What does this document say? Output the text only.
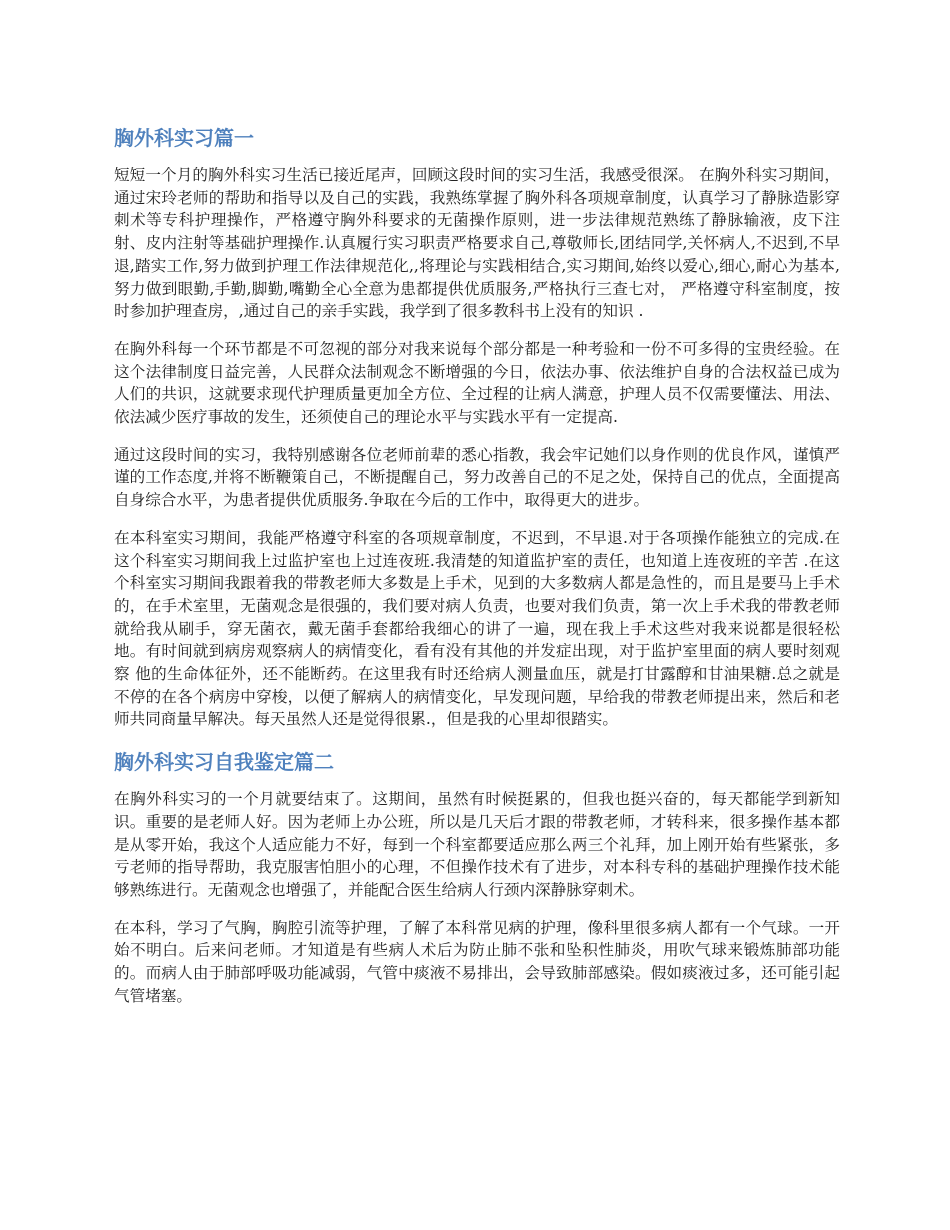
胸外科实习篇一

短短一个月的胸外科实习生活已接近尾声，回顾这段时间的实习生活，我感受很深。 在胸外科实习期间，通过宋玲老师的帮助和指导以及自己的实践，我熟练掌握了胸外科各项规章制度，认真学习了静脉造影穿刺术等专科护理操作，严格遵守胸外科要求的无菌操作原则，进一步法律规范熟练了静脉输液，皮下注射、皮内注射等基础护理操作.认真履行实习职责严格要求自己,尊敬师长,团结同学,关怀病人,不迟到,不早退,踏实工作,努力做到护理工作法律规范化,,将理论与实践相结合,实习期间,始终以爱心,细心,耐心为基本,努力做到眼勤,手勤,脚勤,嘴勤全心全意为患都提供优质服务,严格执行三查七对， 严格遵守科室制度，按时参加护理查房，,通过自己的亲手实践，我学到了很多教科书上没有的知识 .

在胸外科每一个环节都是不可忽视的部分对我来说每个部分都是一种考验和一份不可多得的宝贵经验。在这个法律制度日益完善，人民群众法制观念不断增强的今日，依法办事、依法维护自身的合法权益已成为人们的共识，这就要求现代护理质量更加全方位、全过程的让病人满意，护理人员不仅需要懂法、用法、依法减少医疗事故的发生，还须使自己的理论水平与实践水平有一定提高.

通过这段时间的实习，我特别感谢各位老师前辈的悉心指教，我会牢记她们以身作则的优良作风，谨慎严谨的工作态度,并将不断鞭策自己，不断提醒自己，努力改善自己的不足之处，保持自己的优点，全面提高自身综合水平，为患者提供优质服务.争取在今后的工作中，取得更大的进步。

在本科室实习期间，我能严格遵守科室的各项规章制度，不迟到，不早退.对于各项操作能独立的完成.在这个科室实习期间我上过监护室也上过连夜班.我清楚的知道监护室的责任，也知道上连夜班的辛苦 .在这个科室实习期间我跟着我的带教老师大多数是上手术，见到的大多数病人都是急性的，而且是要马上手术的，在手术室里，无菌观念是很强的，我们要对病人负责，也要对我们负责，第一次上手术我的带教老师就给我从刷手，穿无菌衣，戴无菌手套都给我细心的讲了一遍，现在我上手术这些对我来说都是很轻松地。有时间就到病房观察病人的病情变化，看有没有其他的并发症出现，对于监护室里面的病人要时刻观察 他的生命体征外，还不能断药。在这里我有时还给病人测量血压，就是打甘露醇和甘油果糖.总之就是不停的在各个病房中穿梭，以便了解病人的病情变化，早发现问题，早给我的带教老师提出来，然后和老师共同商量早解决。每天虽然人还是觉得很累.，但是我的心里却很踏实。

胸外科实习自我鉴定篇二

在胸外科实习的一个月就要结束了。这期间，虽然有时候挺累的，但我也挺兴奋的，每天都能学到新知识。重要的是老师人好。因为老师上办公班，所以是几天后才跟的带教老师，才转科来，很多操作基本都是从零开始，我这个人适应能力不好，每到一个科室都要适应那么两三个礼拜，加上刚开始有些紧张，多亏老师的指导帮助，我克服害怕胆小的心理，不但操作技术有了进步，对本科专科的基础护理操作技术能够熟练进行。无菌观念也增强了，并能配合医生给病人行颈内深静脉穿刺术。

在本科，学习了气胸，胸腔引流等护理，了解了本科常见病的护理，像科里很多病人都有一个气球。一开始不明白。后来问老师。才知道是有些病人术后为防止肺不张和坠积性肺炎，用吹气球来锻炼肺部功能的。而病人由于肺部呼吸功能减弱，气管中痰液不易排出，会导致肺部感染。假如痰液过多，还可能引起气管堵塞。
